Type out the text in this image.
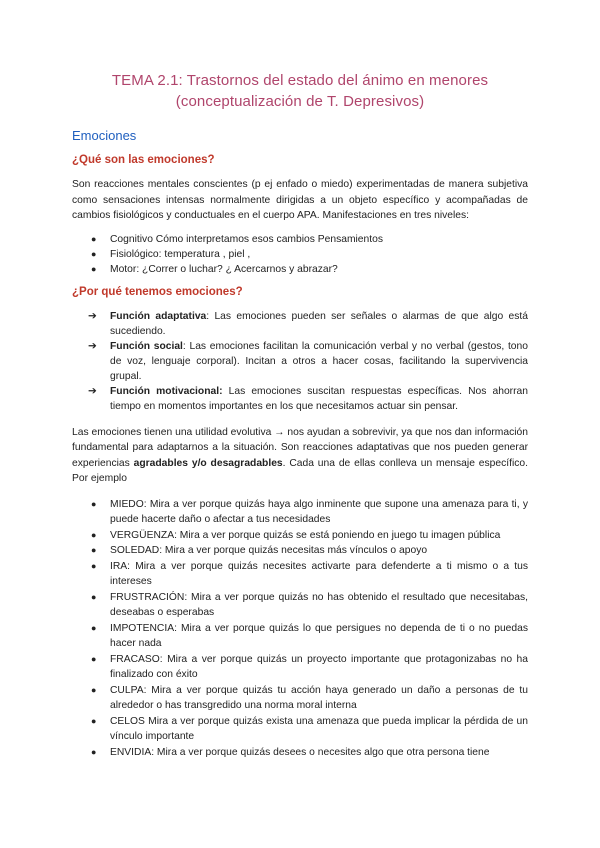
TEMA 2.1: Trastornos del estado del ánimo en menores
(conceptualización de T. Depresivos)
Emociones
¿Qué son las emociones?

Son reacciones mentales conscientes (p ej enfado o miedo) experimentadas de manera subjetiva como sensaciones intensas normalmente dirigidas a un objeto específico y acompañadas de cambios fisiológicos y conductuales en el cuerpo APA. Manifestaciones en tres niveles:

● Cognitivo Cómo interpretamos esos cambios Pensamientos
● Fisiológico: temperatura , piel ,
● Motor: ¿Correr o luchar? ¿ Acercarnos y abrazar?
¿Por qué tenemos emociones?
➔ Función adaptativa: Las emociones pueden ser señales o alarmas de que algo está sucediendo.
➔ Función social: Las emociones facilitan la comunicación verbal y no verbal (gestos, tono de voz, lenguaje corporal). Incitan a otros a hacer cosas, facilitando la supervivencia grupal.
➔ Función motivacional: Las emociones suscitan respuestas específicas. Nos ahorran tiempo en momentos importantes en los que necesitamos actuar sin pensar.

Las emociones tienen una utilidad evolutiva → nos ayudan a sobrevivir, ya que nos dan información fundamental para adaptarnos a la situación. Son reacciones adaptativas que nos pueden generar experiencias agradables y/o desagradables. Cada una de ellas conlleva un mensaje específico. Por ejemplo

● MIEDO: Mira a ver porque quizás haya algo inminente que supone una amenaza para ti, y puede hacerte daño o afectar a tus necesidades
● VERGÜENZA: Mira a ver porque quizás se está poniendo en juego tu imagen pública
● SOLEDAD: Mira a ver porque quizás necesitas más vínculos o apoyo
● IRA: Mira a ver porque quizás necesites activarte para defenderte a ti mismo o a tus intereses
● FRUSTRACIÓN: Mira a ver porque quizás no has obtenido el resultado que necesitabas, deseabas o esperabas
● IMPOTENCIA: Mira a ver porque quizás lo que persigues no dependa de ti o no puedas hacer nada
● FRACASO: Mira a ver porque quizás un proyecto importante que protagonizabas no ha finalizado con éxito
● CULPA: Mira a ver porque quizás tu acción haya generado un daño a personas de tu alrededor o has transgredido una norma moral interna
● CELOS Mira a ver porque quizás exista una amenaza que pueda implicar la pérdida de un vínculo importante
● ENVIDIA: Mira a ver porque quizás desees o necesites algo que otra persona tiene
